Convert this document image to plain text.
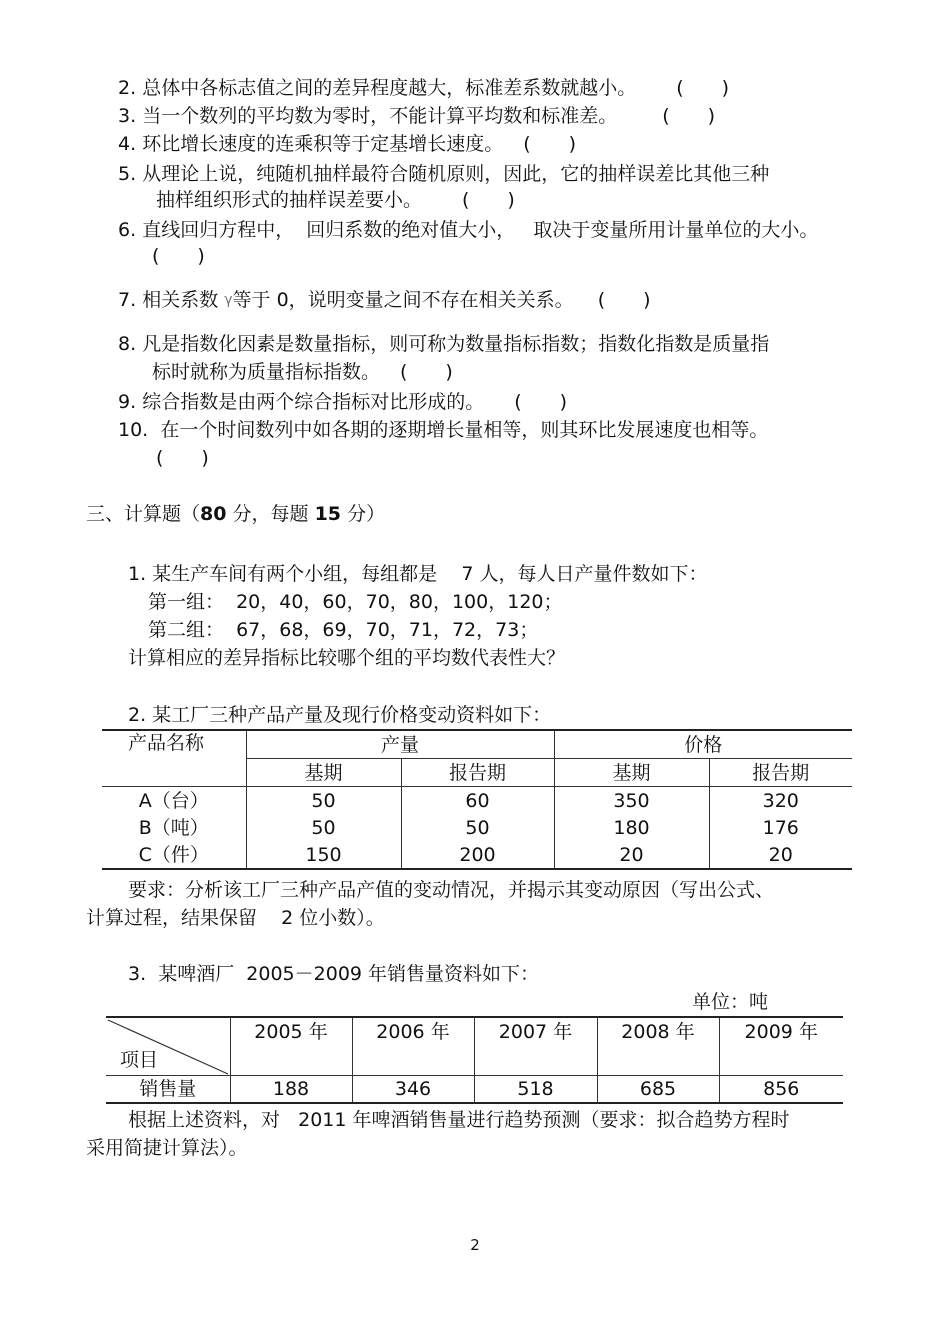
2. 总体中各标志值之间的差异程度越大，标准差系数就越小。 (　　)
3. 当一个数列的平均数为零时，不能计算平均数和标准差。 (　　)
4. 环比增长速度的连乘积等于定基增长速度。 (　　)
5. 从理论上说，纯随机抽样最符合随机原则，因此，它的抽样误差比其他三种
抽样组织形式的抽样误差要小。 (　　)
6. 直线回归方程中，  回归系数的绝对值大小，   取决于变量所用计量单位的大小。
(　　)
7. 相关系数 $^\gamma$等于 0，说明变量之间不存在相关关系。 (　　)
8. 凡是指数化因素是数量指标，则可称为数量指标指数；指数化指数是质量指
标时就称为质量指标指数。 (　　)
9. 综合指数是由两个综合指标对比形成的。 (　　)
10. 在一个时间数列中如各期的逐期增长量相等，则其环比发展速度也相等。
(　　)
三、计算题（80 分，每题 15 分）
1. 某生产车间有两个小组，每组都是    7 人，每人日产量件数如下：
第一组：  20，40，60，70，80，100，120；
第二组：  67，68，69，70，71，72，73；
计算相应的差异指标比较哪个组的平均数代表性大？
2. 某工厂三种产品产量及现行价格变动资料如下：
产品名称	产量		价格	
	基期	报告期	基期	报告期
A（台）	50	60	350	320
B（吨）	50	50	180	176
C（件）	150	200	20	20
要求：分析该工厂三种产品产值的变动情况，并揭示其变动原因（写出公式、
计算过程，结果保留    2 位小数）。
3.  某啤酒厂  2005－2009 年销售量资料如下：
单位：吨
项目	2005 年	2006 年	2007 年	2008 年	2009 年
销售量	188	346	518	685	856
根据上述资料，对   2011 年啤酒销售量进行趋势预测（要求：拟合趋势方程时
采用简捷计算法）。
2
